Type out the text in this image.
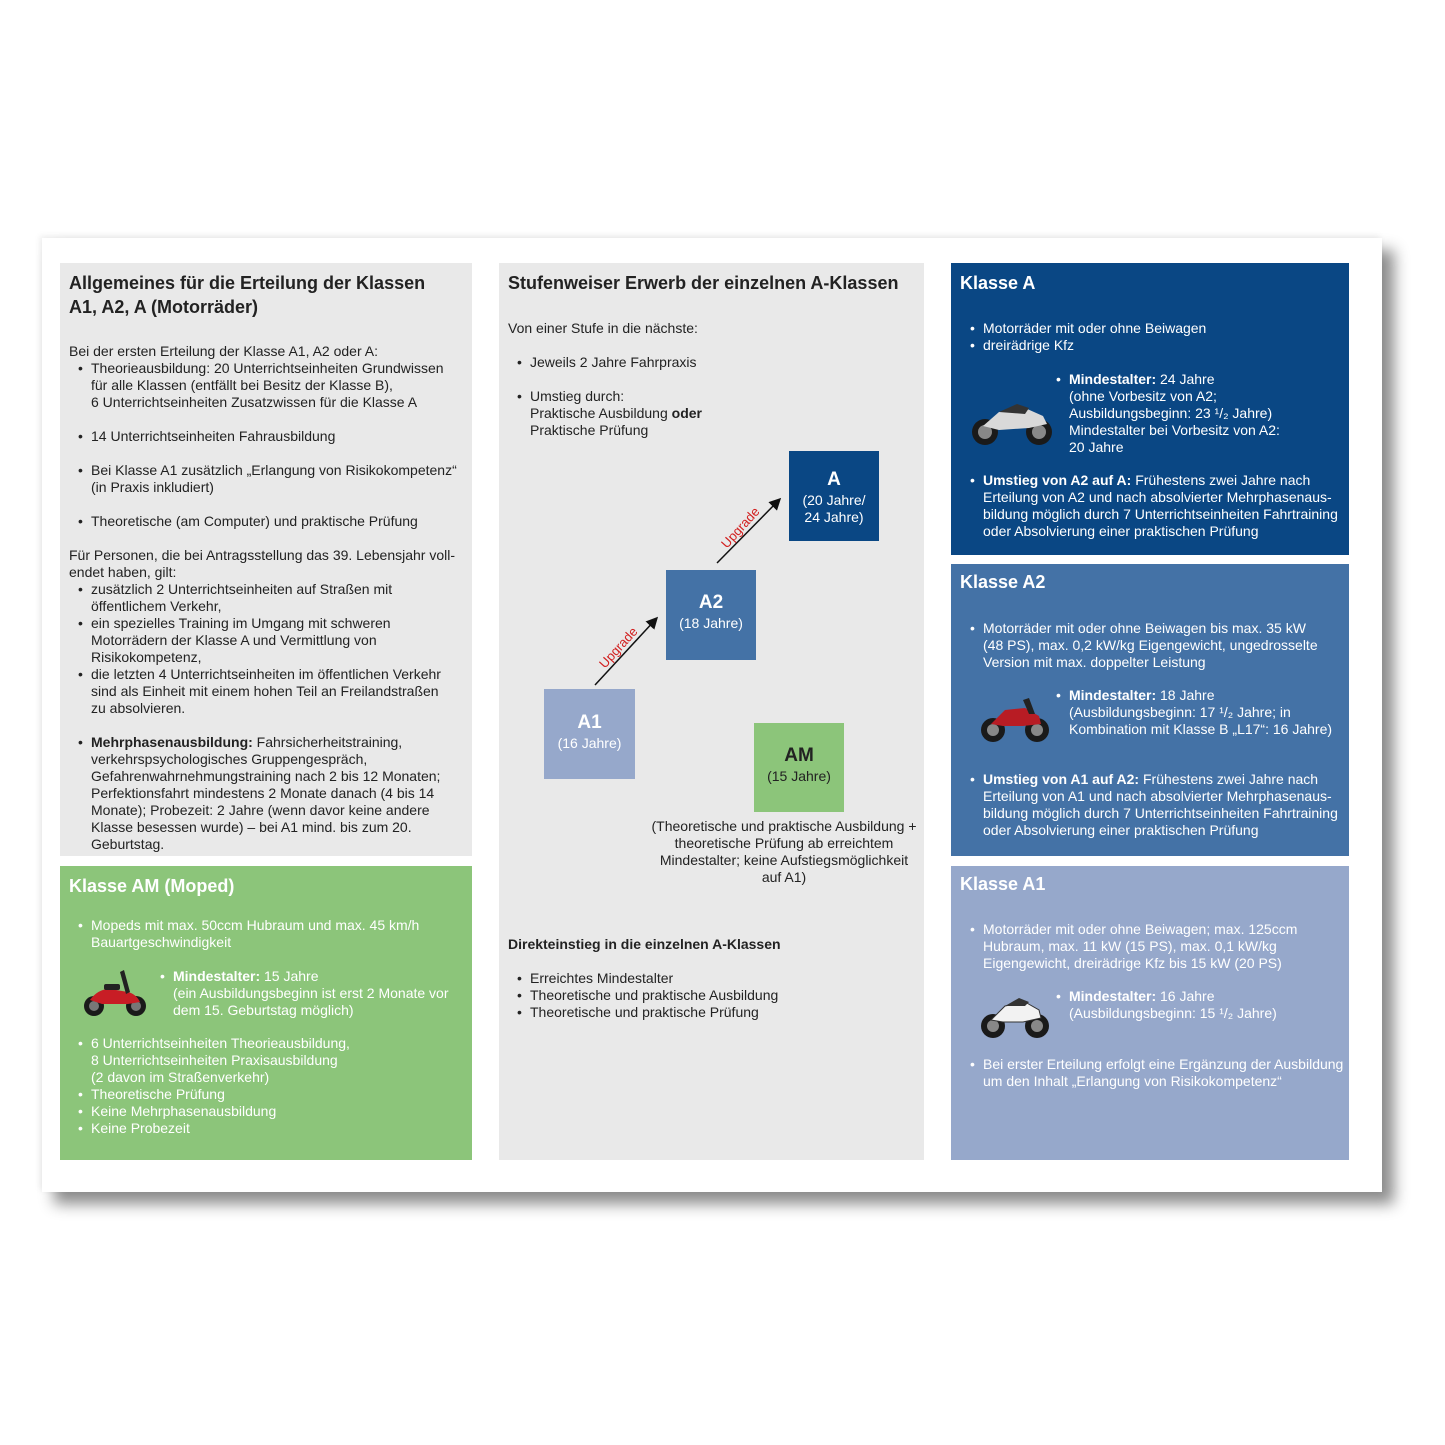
Allgemeines für die Erteilung der Klassen
A1, A2, A (Motorräder)

Bei der ersten Erteilung der Klasse A1, A2 oder A:

• Theorieausbildung: 20 Unterrichtseinheiten Grundwissen
für alle Klassen (entfällt bei Besitz der Klasse B),
6 Unterrichtseinheiten Zusatzwissen für die Klasse A
• 14 Unterrichtseinheiten Fahrausbildung
• Bei Klasse A1 zusätzlich „Erlangung von Risikokompetenz“
(in Praxis inkludiert)
• Theoretische (am Computer) und praktische Prüfung

Für Personen, die bei Antragsstellung das 39. Lebensjahr voll-
endet haben, gilt:

• zusätzlich 2 Unterrichtseinheiten auf Straßen mit
öffentlichem Verkehr,
• ein spezielles Training im Umgang mit schweren
Motorrädern der Klasse A und Vermittlung von
Risikokompetenz,
• die letzten 4 Unterrichtseinheiten im öffentlichen Verkehr
sind als Einheit mit einem hohen Teil an Freilandstraßen
zu absolvieren.
• Mehrphasenausbildung: Fahrsicherheitstraining,
verkehrspsychologisches Gruppengespräch,
Gefahrenwahrnehmungstraining nach 2 bis 12 Monaten;
Perfektionsfahrt mindestens 2 Monate danach (4 bis 14
Monate); Probezeit: 2 Jahre (wenn davor keine andere
Klasse besessen wurde) – bei A1 mind. bis zum 20.
Geburtstag.
Klasse AM (Moped)
• Mopeds mit max. 50ccm Hubraum und max. 45 km/h
Bauartgeschwindigkeit
• Mindestalter: 15 Jahre
(ein Ausbildungsbeginn ist erst 2 Monate vor
dem 15. Geburtstag möglich)
• 6 Unterrichtseinheiten Theorieausbildung,
8 Unterrichtseinheiten Praxisausbildung
(2 davon im Straßenverkehr)
• Theoretische Prüfung
• Keine Mehrphasenausbildung
• Keine Probezeit
Stufenweiser Erwerb der einzelnen A-Klassen

Von einer Stufe in die nächste:

• Jeweils 2 Jahre Fahrpraxis
• Umstieg durch:
Praktische Ausbildung oder
Praktische Prüfung
Upgrade
Upgrade
A
(20 Jahre/
24 Jahre)
A2
(18 Jahre)
A1
(16 Jahre)
AM
(15 Jahre)
(Theoretische und praktische Ausbildung +
theoretische Prüfung ab erreichtem
Mindestalter; keine Aufstiegsmöglichkeit
auf A1)

Direkteinstieg in die einzelnen A-Klassen

• Erreichtes Mindestalter
• Theoretische und praktische Ausbildung
• Theoretische und praktische Prüfung
Klasse A
• Motorräder mit oder ohne Beiwagen
• dreirädrige Kfz
• Mindestalter: 24 Jahre
(ohne Vorbesitz von A2;
Ausbildungsbeginn: 23 ¹/₂ Jahre)
Mindestalter bei Vorbesitz von A2:
20 Jahre
• Umstieg von A2 auf A: Frühestens zwei Jahre nach
Erteilung von A2 und nach absolvierter Mehrphasenaus-
bildung möglich durch 7 Unterrichtseinheiten Fahrtraining
oder Absolvierung einer praktischen Prüfung
Klasse A2
• Motorräder mit oder ohne Beiwagen bis max. 35 kW
(48 PS), max. 0,2 kW/kg Eigengewicht, ungedrosselte
Version mit max. doppelter Leistung
• Mindestalter: 18 Jahre
(Ausbildungsbeginn: 17 ¹/₂ Jahre; in
Kombination mit Klasse B „L17“: 16 Jahre)
• Umstieg von A1 auf A2: Frühestens zwei Jahre nach
Erteilung von A1 und nach absolvierter Mehrphasenaus-
bildung möglich durch 7 Unterrichtseinheiten Fahrtraining
oder Absolvierung einer praktischen Prüfung
Klasse A1
• Motorräder mit oder ohne Beiwagen; max. 125ccm
Hubraum, max. 11 kW (15 PS), max. 0,1 kW/kg
Eigengewicht, dreirädrige Kfz bis 15 kW (20 PS)
• Mindestalter: 16 Jahre
(Ausbildungsbeginn: 15 ¹/₂ Jahre)
• Bei erster Erteilung erfolgt eine Ergänzung der Ausbildung
um den Inhalt „Erlangung von Risikokompetenz“
